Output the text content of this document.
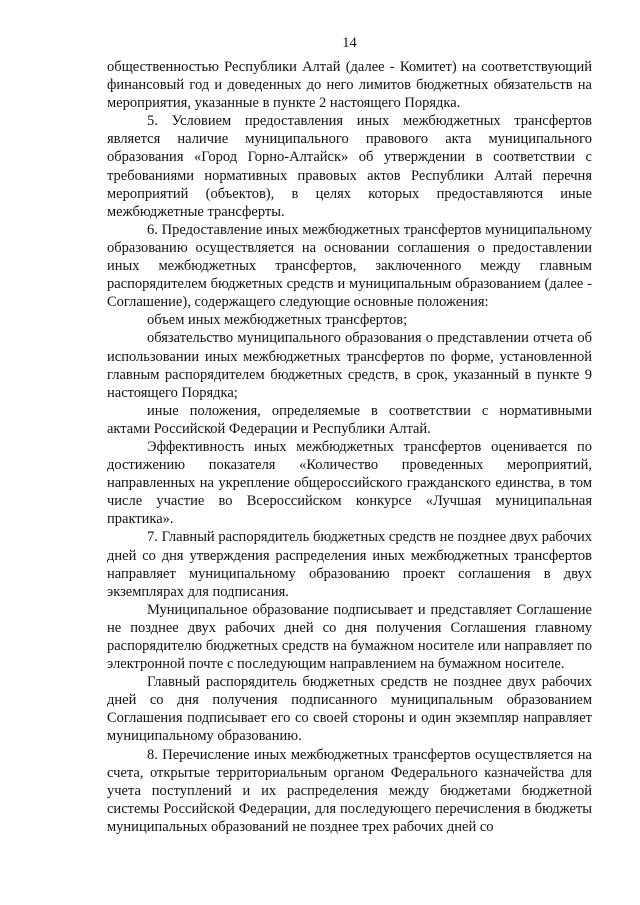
14

общественностью Республики Алтай (далее - Комитет) на соответствующий финансовый год и доведенных до него лимитов бюджетных обязательств на мероприятия, указанные в пункте 2 настоящего Порядка.

5. Условием предоставления иных межбюджетных трансфертов является наличие муниципального правового акта муниципального образования «Город Горно-Алтайск» об утверждении в соответствии с требованиями нормативных правовых актов Республики Алтай перечня мероприятий (объектов), в целях которых предоставляются иные межбюджетные трансферты.

6. Предоставление иных межбюджетных трансфертов муниципальному образованию осуществляется на основании соглашения о предоставлении иных межбюджетных трансфертов, заключенного между главным распорядителем бюджетных средств и муниципальным образованием (далее - Соглашение), содержащего следующие основные положения:

объем иных межбюджетных трансфертов;

обязательство муниципального образования о представлении отчета об использовании иных межбюджетных трансфертов по форме, установленной главным распорядителем бюджетных средств, в срок, указанный в пункте 9 настоящего Порядка;

иные положения, определяемые в соответствии с нормативными актами Российской Федерации и Республики Алтай.

Эффективность иных межбюджетных трансфертов оценивается по достижению показателя «Количество проведенных мероприятий, направленных на укрепление общероссийского гражданского единства, в том числе участие во Всероссийском конкурсе «Лучшая муниципальная практика».

7. Главный распорядитель бюджетных средств не позднее двух рабочих дней со дня утверждения распределения иных межбюджетных трансфертов направляет муниципальному образованию проект соглашения в двух экземплярах для подписания.

Муниципальное образование подписывает и представляет Соглашение не позднее двух рабочих дней со дня получения Соглашения главному распорядителю бюджетных средств на бумажном носителе или направляет по электронной почте с последующим направлением на бумажном носителе.

Главный распорядитель бюджетных средств не позднее двух рабочих дней со дня получения подписанного муниципальным образованием Соглашения подписывает его со своей стороны и один экземпляр направляет муниципальному образованию.

8. Перечисление иных межбюджетных трансфертов осуществляется на счета, открытые территориальным органом Федерального казначейства для учета поступлений и их распределения между бюджетами бюджетной системы Российской Федерации, для последующего перечисления в бюджеты муниципальных образований не позднее трех рабочих дней со
